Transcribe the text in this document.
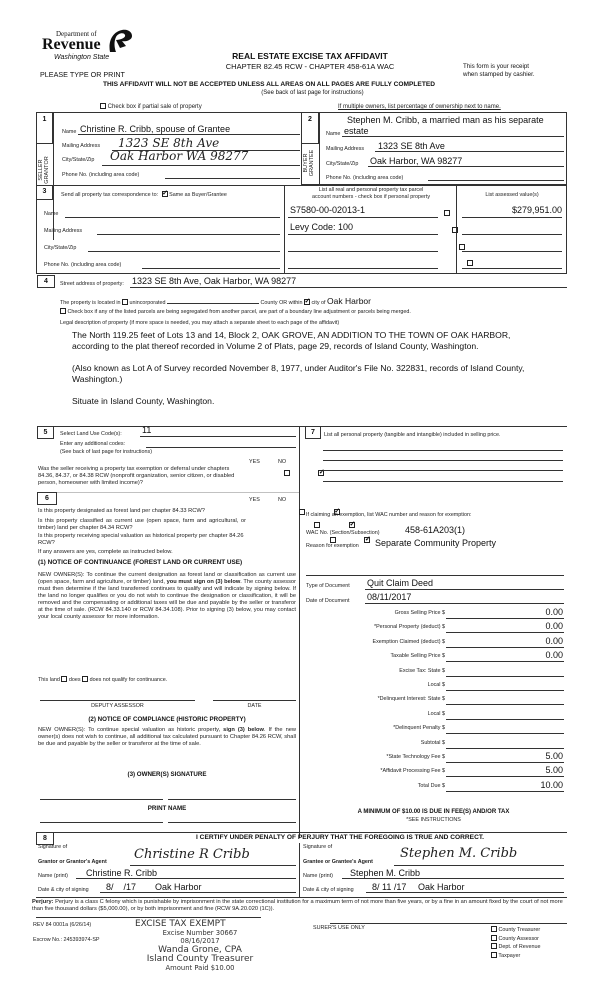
Department of
Revenue
Washington State
PLEASE TYPE OR PRINT
REAL ESTATE EXCISE TAX AFFIDAVIT
CHAPTER 82.45 RCW - CHAPTER 458-61A WAC	This form is your receipt
when stamped by cashier.
THIS AFFIDAVIT WILL NOT BE ACCEPTED UNLESS ALL AREAS ON ALL PAGES ARE FULLY COMPLETED
(See back of last page for instructions)
Check box if partial sale of property	If multiple owners, list percentage of ownership next to name.
1
SELLER GRANTOR
Name Christine R. Cribb, spouse of Grantee
Mailing Address 1323 SE 8th Ave
City/State/Zip Oak Harbor WA 98277
Phone No. (including area code)
2
BUYER GRANTEE
Stephen M. Cribb, a married man as his separate
Name estate
Mailing Address 1323 SE 8th Ave
City/State/Zip Oak Harbor, WA 98277
Phone No. (including area code)
3	Send all property tax correspondence to: ✓ Same as Buyer/Grantee
Name
Mailing Address
City/State/Zip
Phone No. (including area code)
List all real and personal property tax parcel
account numbers - check box if personal property	List assessed value(s)
S7580-00-02013-1
	$279,951.00
Levy Code: 100

4	Street address of property: 1323 SE 8th Ave, Oak Harbor, WA 98277
The property is located in unincorporated	County OR within ✓ city of Oak Harbor
Check box if any of the listed parcels are being segregated from another parcel, are part of a boundary line adjustment or parcels being merged.
Legal description of property (if more space is needed, you may attach a separate sheet to each page of the affidavit)
The North 119.25 feet of Lots 13 and 14, Block 2, OAK GROVE, AN ADDITION TO THE TOWN OF OAK HARBOR, according to the plat thereof recorded in Volume 2 of Plats, page 29, records of Island County, Washington.
(Also known as Lot A of Survey recorded November 8, 1977, under Auditor's File No. 322831, records of Island County, Washington.)
Situate in Island County, Washington.
5	Select Land Use Code(s): 11
Enter any additional codes:
(See back of last page for instructions)
YES	NO
Was the seller receiving a property tax exemption or deferral under chapters 84.36, 84.37, or 84.38 RCW (nonprofit organization, senior citizen, or disabled person, homeowner with limited income)?
✓
6	YES	NO
Is this property designated as forest land per chapter 84.33 RCW?
✓
Is this property classified as current use (open space, farm and agricultural, or timber) land per chapter 84.34 RCW?
✓
Is this property receiving special valuation as historical property per chapter 84.26 RCW?
✓
If any answers are yes, complete as instructed below.
(1) NOTICE OF CONTINUANCE (FOREST LAND OR CURRENT USE)
NEW OWNER(S): To continue the current designation as forest land or classification as current use (open space, farm and agriculture, or timber) land, you must sign on (3) below. The county assessor must then determine if the land transferred continues to qualify and will indicate by signing below. If the land no longer qualifies or you do not wish to continue the designation or classification, it will be removed and the compensating or additional taxes will be due and payable by the seller or transferor at the time of sale. (RCW 84.33.140 or RCW 84.34.108). Prior to signing (3) below, you may contact your local county assessor for more information.
This land does does not qualify for continuance.
DEPUTY ASSESSOR	DATE
(2) NOTICE OF COMPLIANCE (HISTORIC PROPERTY)
NEW OWNER(S): To continue special valuation as historic property, sign (3) below. If the new owner(s) does not wish to continue, all additional tax calculated pursuant to Chapter 84.26 RCW, shall be due and payable by the seller or transferor at the time of sale.
(3) OWNER(S) SIGNATURE
PRINT NAME
7	List all personal property (tangible and intangible) included in selling price.
If claiming an exemption, list WAC number and reason for exemption:
WAC No. (Section/Subsection)	458-61A203(1)
Reason for exemption Separate Community Property
Type of Document Quit Claim Deed
Date of Document 08/11/2017
Gross Selling Price $	0.00
*Personal Property (deduct) $	0.00
Exemption Claimed (deduct) $	0.00
Taxable Selling Price $	0.00
Excise Tax: State $
Local $
*Delinquent Interest: State $
Local $
*Delinquent Penalty $
Subtotal $
*State Technology Fee $	5.00
*Affidavit Processing Fee $	5.00
Total Due $	10.00
A MINIMUM OF $10.00 IS DUE IN FEE(S) AND/OR TAX
*SEE INSTRUCTIONS
8	I CERTIFY UNDER PENALTY OF PERJURY THAT THE FOREGOING IS TRUE AND CORRECT.
Signature of
Grantor or Grantor's Agent Christine R Cribb
Name (print) Christine R. Cribb
Date & city of signing 8/    /17 Oak Harbor
Signature of
Grantee or Grantee's Agent
Stephen M. Cribb
Name (print) Stephen M. Cribb
Date & city of signing 8/ 11 /17 Oak Harbor
Perjury: Perjury is a class C felony which is punishable by imprisonment in the state correctional institution for a maximum term of not more than five years, or by a fine in an amount fixed by the court of not more than five thousand dollars ($5,000.00), or by both imprisonment and fine (RCW 9A.20.020 (1C)).
REV 84 0001a (6/26/14)
Escrow No.: 245393974-SP
SURER'S USE ONLY	County Treasurer
County Assessor
Dept. of Revenue
Taxpayer
EXCISE TAX EXEMPT
Excise Number 30667
08/16/2017
Wanda Grone, CPA
Island County Treasurer
Amount Paid $10.00
